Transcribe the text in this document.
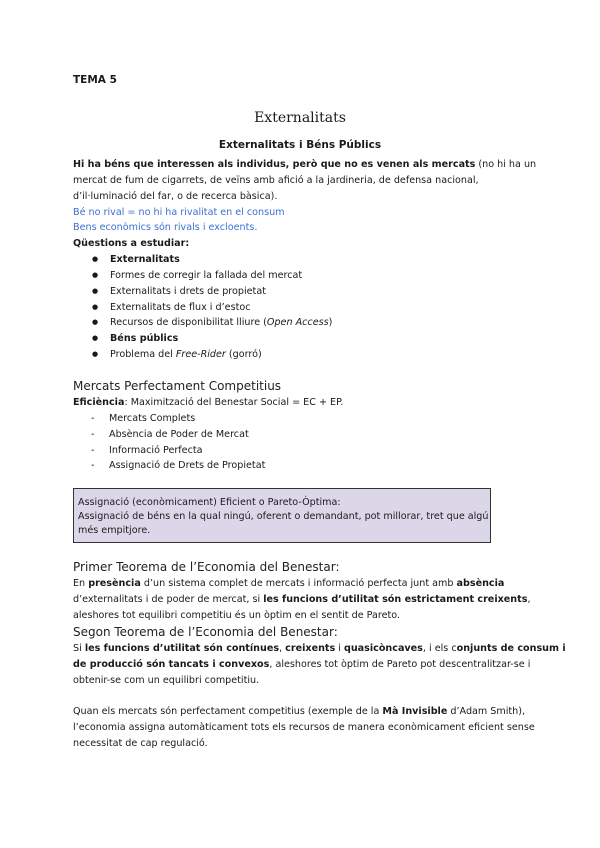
TEMA 5
Externalitats
Externalitats i Béns Públics
Hi ha béns que interessen als individus, però que no es venen als mercats (no hi ha un
mercat de fum de cigarrets, de veïns amb afició a la jardineria, de defensa nacional,
d’il·luminació del far, o de recerca bàsica).
Bé no rival = no hi ha rivalitat en el consum
Bens econòmics són rivals i excloents.
Qüestions a estudiar:
● Externalitats
● Formes de corregir la fallada del mercat
● Externalitats i drets de propietat
● Externalitats de flux i d’estoc
● Recursos de disponibilitat lliure (Open Access)
● Béns públics
● Problema del Free-Rider (gorró)
Mercats Perfectament Competitius
Eficiència: Maximització del Benestar Social = EC + EP.
- Mercats Complets
- Absència de Poder de Mercat
- Informació Perfecta
- Assignació de Drets de Propietat
Assignació (econòmicament) Eficient o Pareto-Òptima:
Assignació de béns en la qual ningú, oferent o demandant, pot millorar, tret que algú
més empitjore.
Primer Teorema de l’Economia del Benestar:
En presència d’un sistema complet de mercats i informació perfecta junt amb absència
d’externalitats i de poder de mercat, si les funcions d’utilitat són estrictament creixents,
aleshores tot equilibri competitiu és un òptim en el sentit de Pareto.
Segon Teorema de l’Economia del Benestar:
Si les funcions d’utilitat són contínues, creixents i quasicòncaves, i els conjunts de consum i
de producció són tancats i convexos, aleshores tot òptim de Pareto pot descentralitzar-se i
obtenir-se com un equilibri competitiu.
Quan els mercats són perfectament competitius (exemple de la Mà Invisible d’Adam Smith),
l’economia assigna automàticament tots els recursos de manera econòmicament eficient sense
necessitat de cap regulació.
